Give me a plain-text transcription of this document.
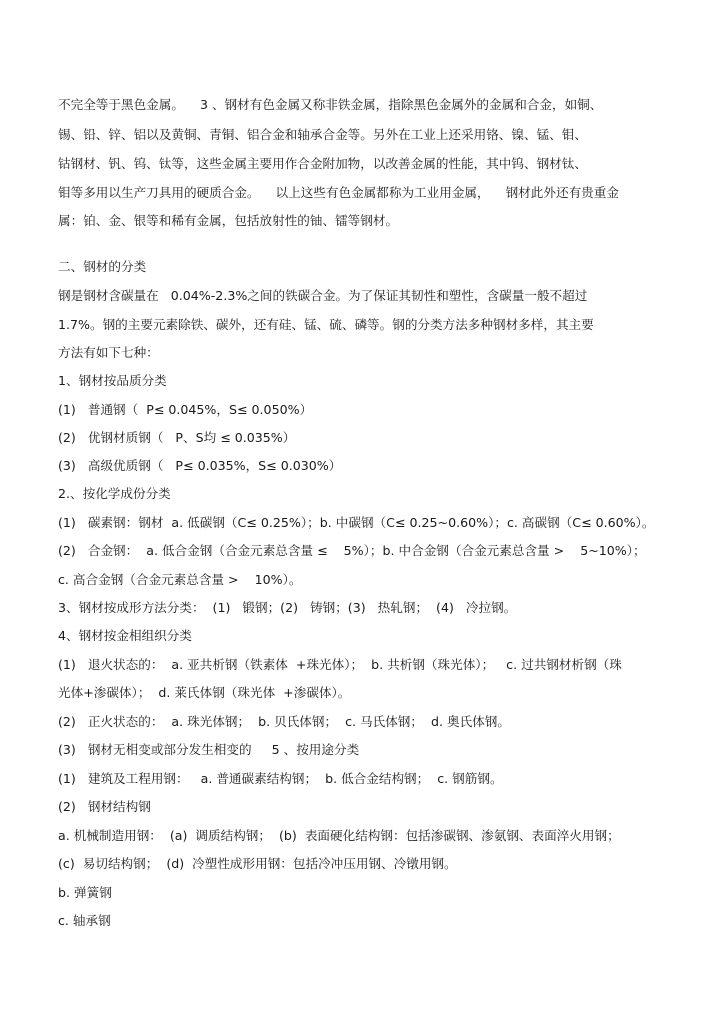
不完全等于黑色金属。    3 、钢材有色金属又称非铁金属，指除黑色金属外的金属和合金，如铜、
锡、铅、锌、铝以及黄铜、青铜、铝合金和轴承合金等。另外在工业上还采用铬、镍、锰、钼、
钴钢材、钒、钨、钛等，这些金属主要用作合金附加物，以改善金属的性能，其中钨、钢材钛、
钼等多用以生产刀具用的硬质合金。    以上这些有色金属都称为工业用金属，    钢材此外还有贵重金
属：铂、金、银等和稀有金属，包括放射性的铀、镭等钢材。
二、钢材的分类
钢是钢材含碳量在   0.04%-2.3%之间的铁碳合金。为了保证其韧性和塑性，含碳量一般不超过
1.7%。钢的主要元素除铁、碳外，还有硅、锰、硫、磷等。钢的分类方法多种钢材多样，其主要
方法有如下七种：
1、钢材按品质分类
(1)   普通钢（  P≤ 0.045%，S≤ 0.050%）
(2)   优钢材质钢（   P、S均 ≤ 0.035%）
(3)   高级优质钢（   P≤ 0.035%，S≤ 0.030%）
2.、按化学成份分类
(1)   碳素钢：钢材  a. 低碳钢（C≤ 0.25%）；b. 中碳钢（C≤ 0.25~0.60%）；c. 高碳钢（C≤ 0.60%）。
(2)   合金钢：  a. 低合金钢（合金元素总含量 ≤    5%）；b. 中合金钢（合金元素总含量 >    5~10%）；
c. 高合金钢（合金元素总含量 >    10%）。
3、钢材按成形方法分类：  (1)   锻钢；(2)   铸钢；(3)   热轧钢；  (4)   冷拉钢。
4、钢材按金相组织分类
(1)   退火状态的：  a. 亚共析钢（铁素体  +珠光体）；  b. 共析钢（珠光体）；   c. 过共钢材析钢（珠
光体+渗碳体）；  d. 莱氏体钢（珠光体  +渗碳体）。
(2)   正火状态的：  a. 珠光体钢；  b. 贝氏体钢；  c. 马氏体钢；  d. 奥氏体钢。
(3)   钢材无相变或部分发生相变的     5 、按用途分类
(1)   建筑及工程用钢：   a. 普通碳素结构钢；  b. 低合金结构钢；  c. 钢筋钢。
(2)   钢材结构钢
a. 机械制造用钢：  (a)  调质结构钢；  (b)  表面硬化结构钢：包括渗碳钢、渗氨钢、表面淬火用钢；
(c)  易切结构钢；  (d)  冷塑性成形用钢：包括冷冲压用钢、冷镦用钢。
b. 弹簧钢
c. 轴承钢
